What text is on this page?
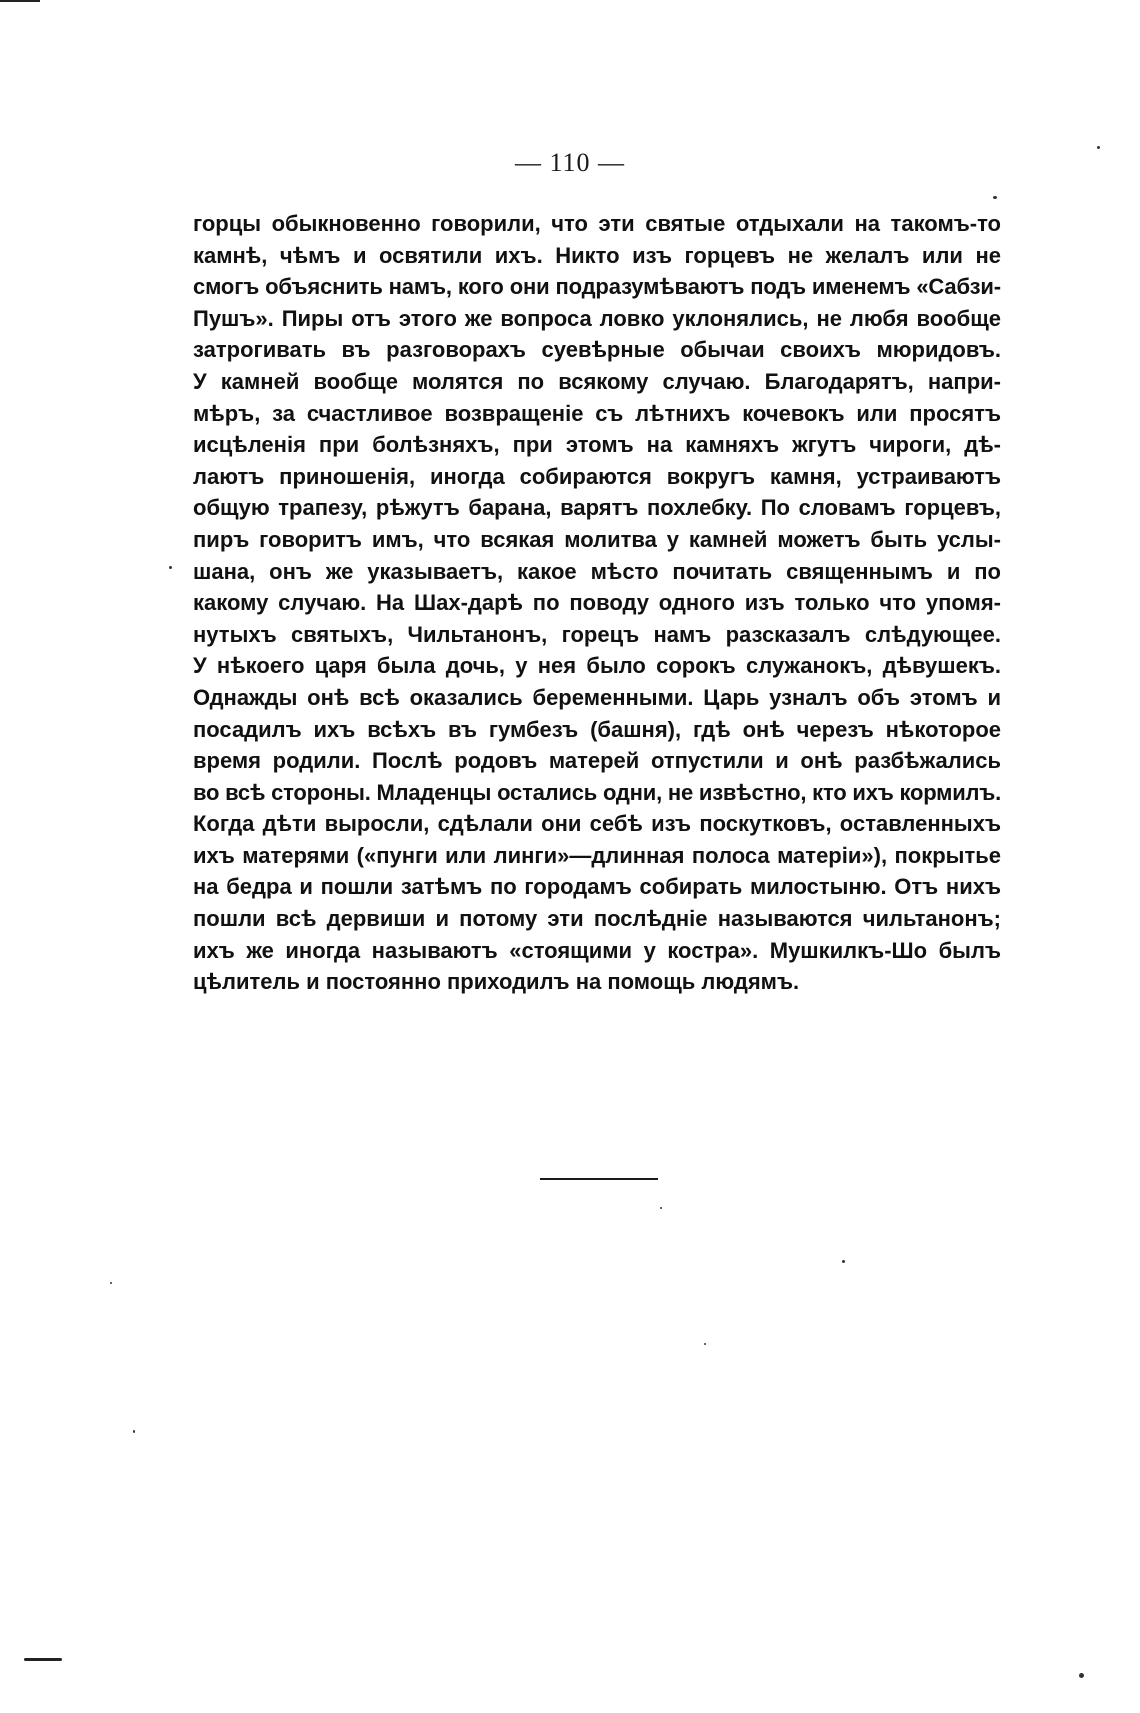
— 110 —
горцы обыкновенно говорили, что эти святые отдыхали на такомъ-то
камнѣ, чѣмъ и освятили ихъ. Никто изъ горцевъ не желалъ или не
смогъ объяснить намъ, кого они подразумѣваютъ подъ именемъ «Сабзи-
Пушъ». Пиры отъ этого же вопроса ловко уклонялись, не любя вообще
затрогивать въ разговорахъ суевѣрные обычаи своихъ мюридовъ.
У камней вообще молятся по всякому случаю. Благодарятъ, напри-
мѣръ, за счастливое возвращеніе съ лѣтнихъ кочевокъ или просятъ
исцѣленія при болѣзняхъ, при этомъ на камняхъ жгутъ чироги, дѣ-
лаютъ приношенія, иногда собираются вокругъ камня, устраиваютъ
общую трапезу, рѣжутъ барана, варятъ похлебку. По словамъ горцевъ,
пиръ говоритъ имъ, что всякая молитва у камней можетъ быть услы-
шана, онъ же указываетъ, какое мѣсто почитать священнымъ и по
какому случаю. На Шах-дарѣ по поводу одного изъ только что упомя-
нутыхъ святыхъ, Чильтанонъ, горецъ намъ разсказалъ слѣдующее.
У нѣкоего царя была дочь, у нея было сорокъ служанокъ, дѣвушекъ.
Однажды онѣ всѣ оказались беременными. Царь узналъ объ этомъ и
посадилъ ихъ всѣхъ въ гумбезъ (башня), гдѣ онѣ черезъ нѣкоторое
время родили. Послѣ родовъ матерей отпустили и онѣ разбѣжались
во всѣ стороны. Младенцы остались одни, не извѣстно, кто ихъ кормилъ.
Когда дѣти выросли, сдѣлали они себѣ изъ поскутковъ, оставленныхъ
ихъ матерями («пунги или линги»—длинная полоса матеріи»), покрытье
на бедра и пошли затѣмъ по городамъ собирать милостыню. Отъ нихъ
пошли всѣ дервиши и потому эти послѣдніе называются чильтанонъ;
ихъ же иногда называютъ «стоящими у костра». Мушкилкъ-Шо былъ
цѣлитель и постоянно приходилъ на помощь людямъ.
